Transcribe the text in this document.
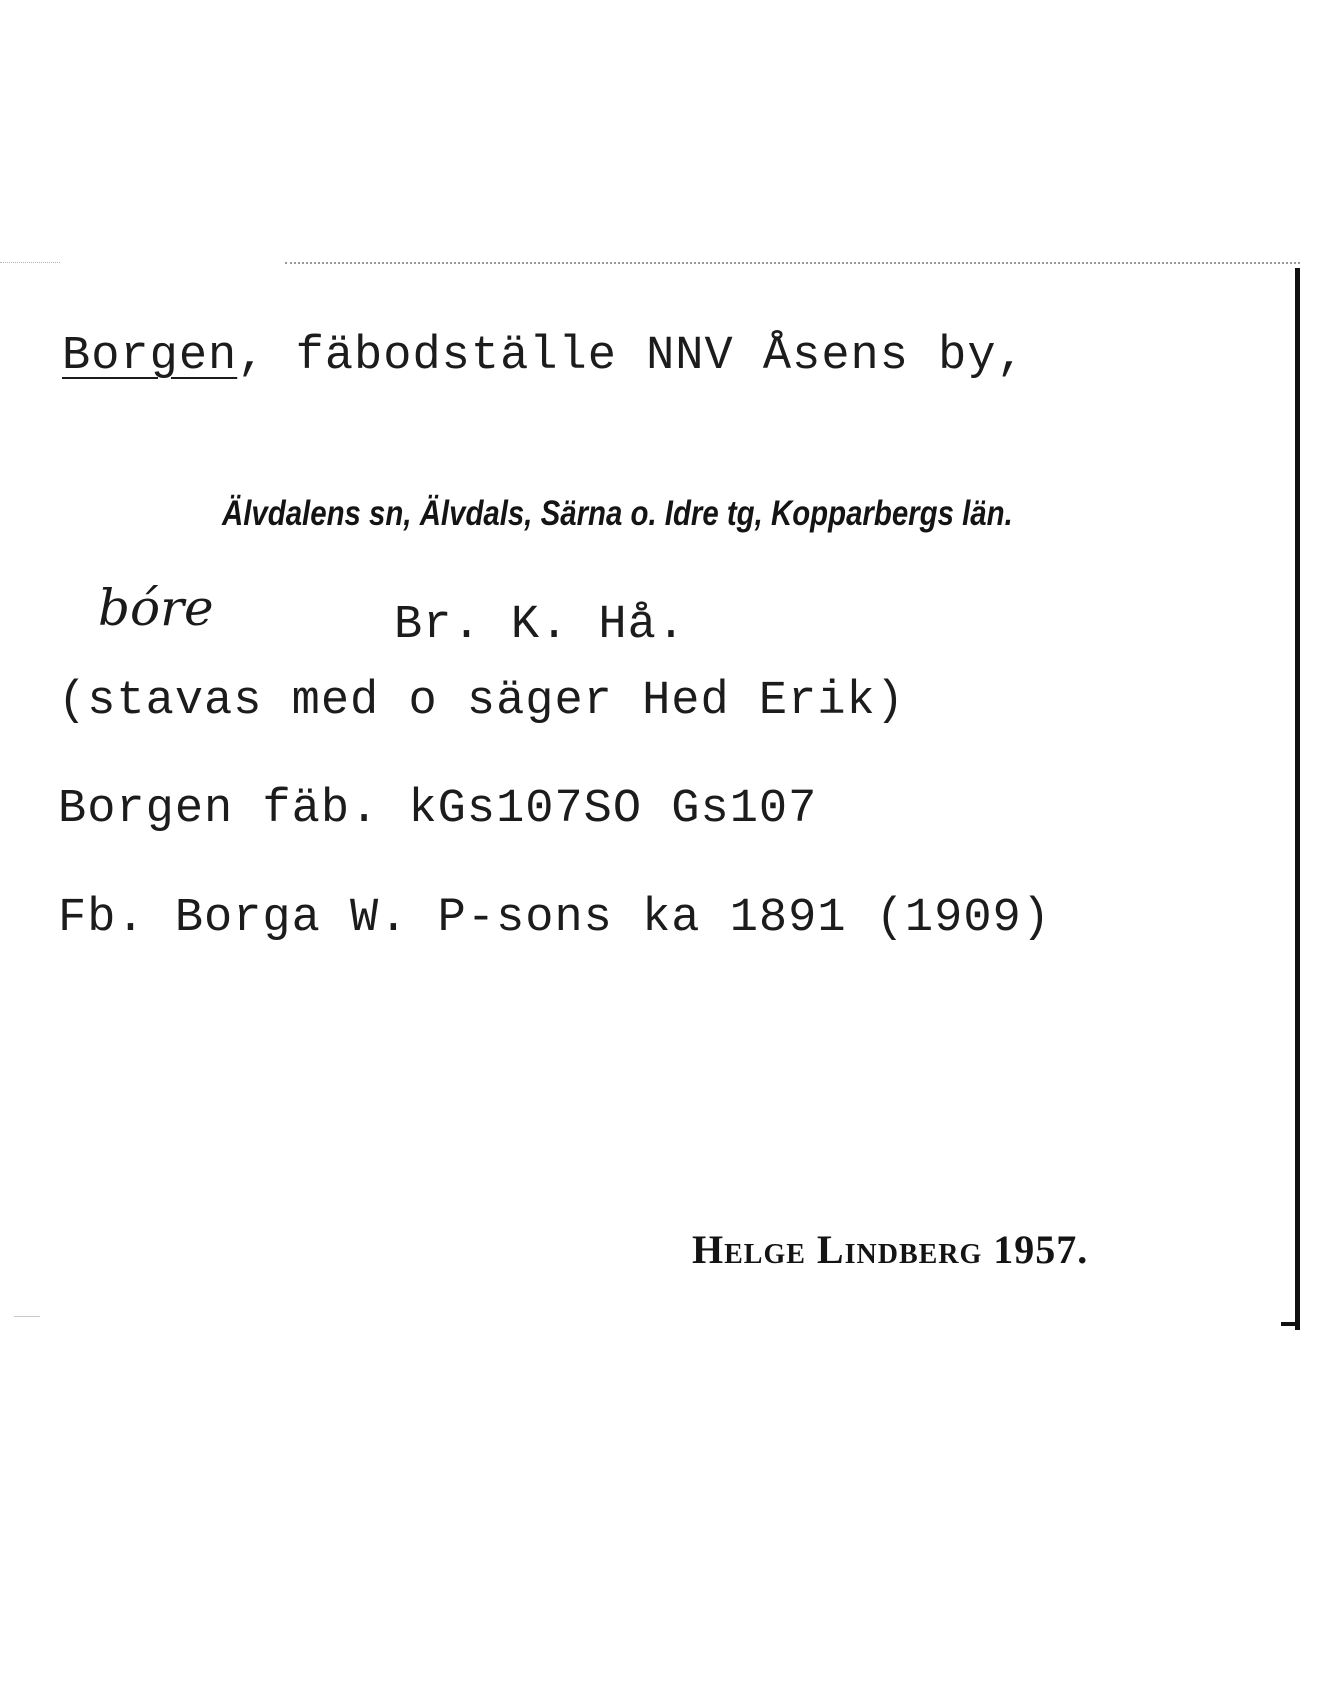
Borgen, fäbodställe NNV Åsens by,
Älvdalens sn, Älvdals, Särna o. Idre tg, Kopparbergs län.
bóre	Br. K. Hå.
(stavas med o säger Hed Erik)
Borgen fäb. kGs107SO Gs107
Fb. Borga W. P-sons ka 1891 (1909)
Helge Lindberg 1957.
